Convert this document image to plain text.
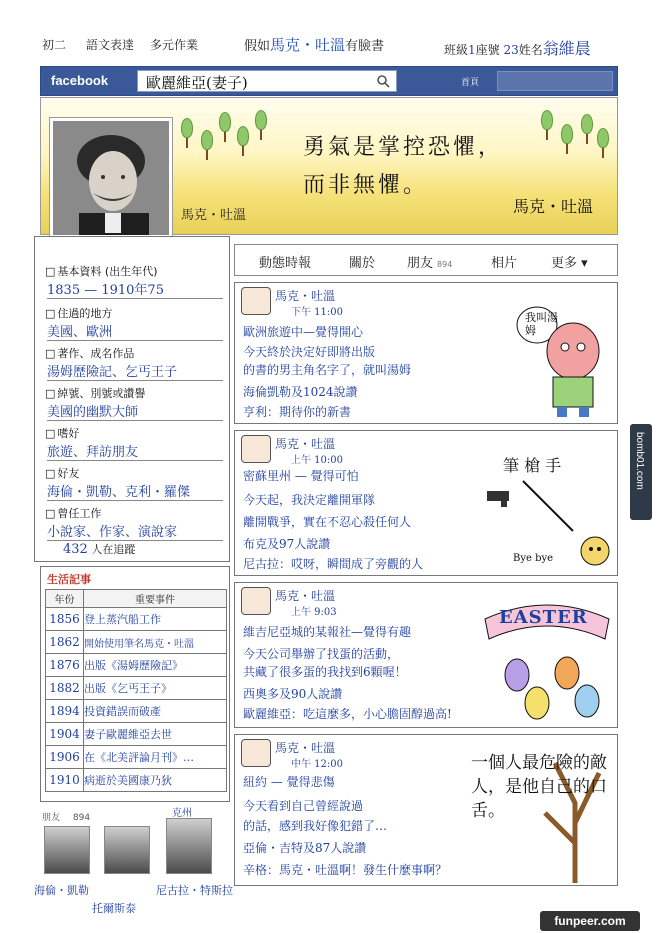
初二 語文表達 多元作業	假如馬克・吐溫有臉書	班級1座號 23姓名翁維晨
facebook	歐麗維亞(妻子)	首頁
勇氣是掌控恐懼，
而非無懼。
馬克・吐溫
馬克・吐溫
□ 基本資料 (出生年代)
1835 — 1910年75
□ 住過的地方
美國、歐洲
□ 著作、成名作品
湯姆歷險記、乞丐王子
□ 綽號、別號或讚譽
美國的幽默大師
□ 嗜好
旅遊、拜訪朋友
□ 好友
海倫・凱勒、克利・羅傑
□ 曾任工作
小說家、作家、演說家
432 人在追蹤
生活記事
年份	重要事件
1856	登上蒸汽船工作
1862	開始使用筆名馬克・吐溫
1876	出版《湯姆歷險記》
1882	出版《乞丐王子》
1894	投資錯誤而破產
1904	妻子歐麗維亞去世
1906	在《北美評論月刊》…
1910	病逝於美國康乃狄
朋友 894
海倫・凱勒
托爾斯泰
尼古拉・特斯拉
克州
動態時報	關於 朋友 894	相片	更多 ▾
馬克・吐溫
下午 11:00
歐洲旅遊中—覺得開心
今天終於決定好即將出版
的書的男主角名字了，就叫湯姆
海倫凱勒及1024說讚
亨利：期待你的新書
我叫湯姆
馬克・吐溫
上午 10:00
密蘇里州 — 覺得可怕
今天起，我決定離開軍隊
離開戰爭，實在不忍心殺任何人
布克及97人說讚
尼古拉：哎呀，瞬間成了旁觀的人
筆 槍 手
Bye bye
馬克・吐溫
上午 9:03
維吉尼亞城的某報社—覺得有趣
今天公司舉辦了找蛋的活動，
共藏了很多蛋的我找到6顆喔！
西奧多及90人說讚
歐麗維亞：吃這麼多，小心膽固醇過高!
EASTER
馬克・吐溫
中午 12:00
紐約 — 覺得悲傷
今天看到自己曾經說過
的話，感到我好像犯錯了…
亞倫・吉特及87人說讚
辛格：馬克・吐溫啊！發生什麼事啊？
一個人最危險的敵人，是他自己的口舌。
bomb01.com
funpeer.com
